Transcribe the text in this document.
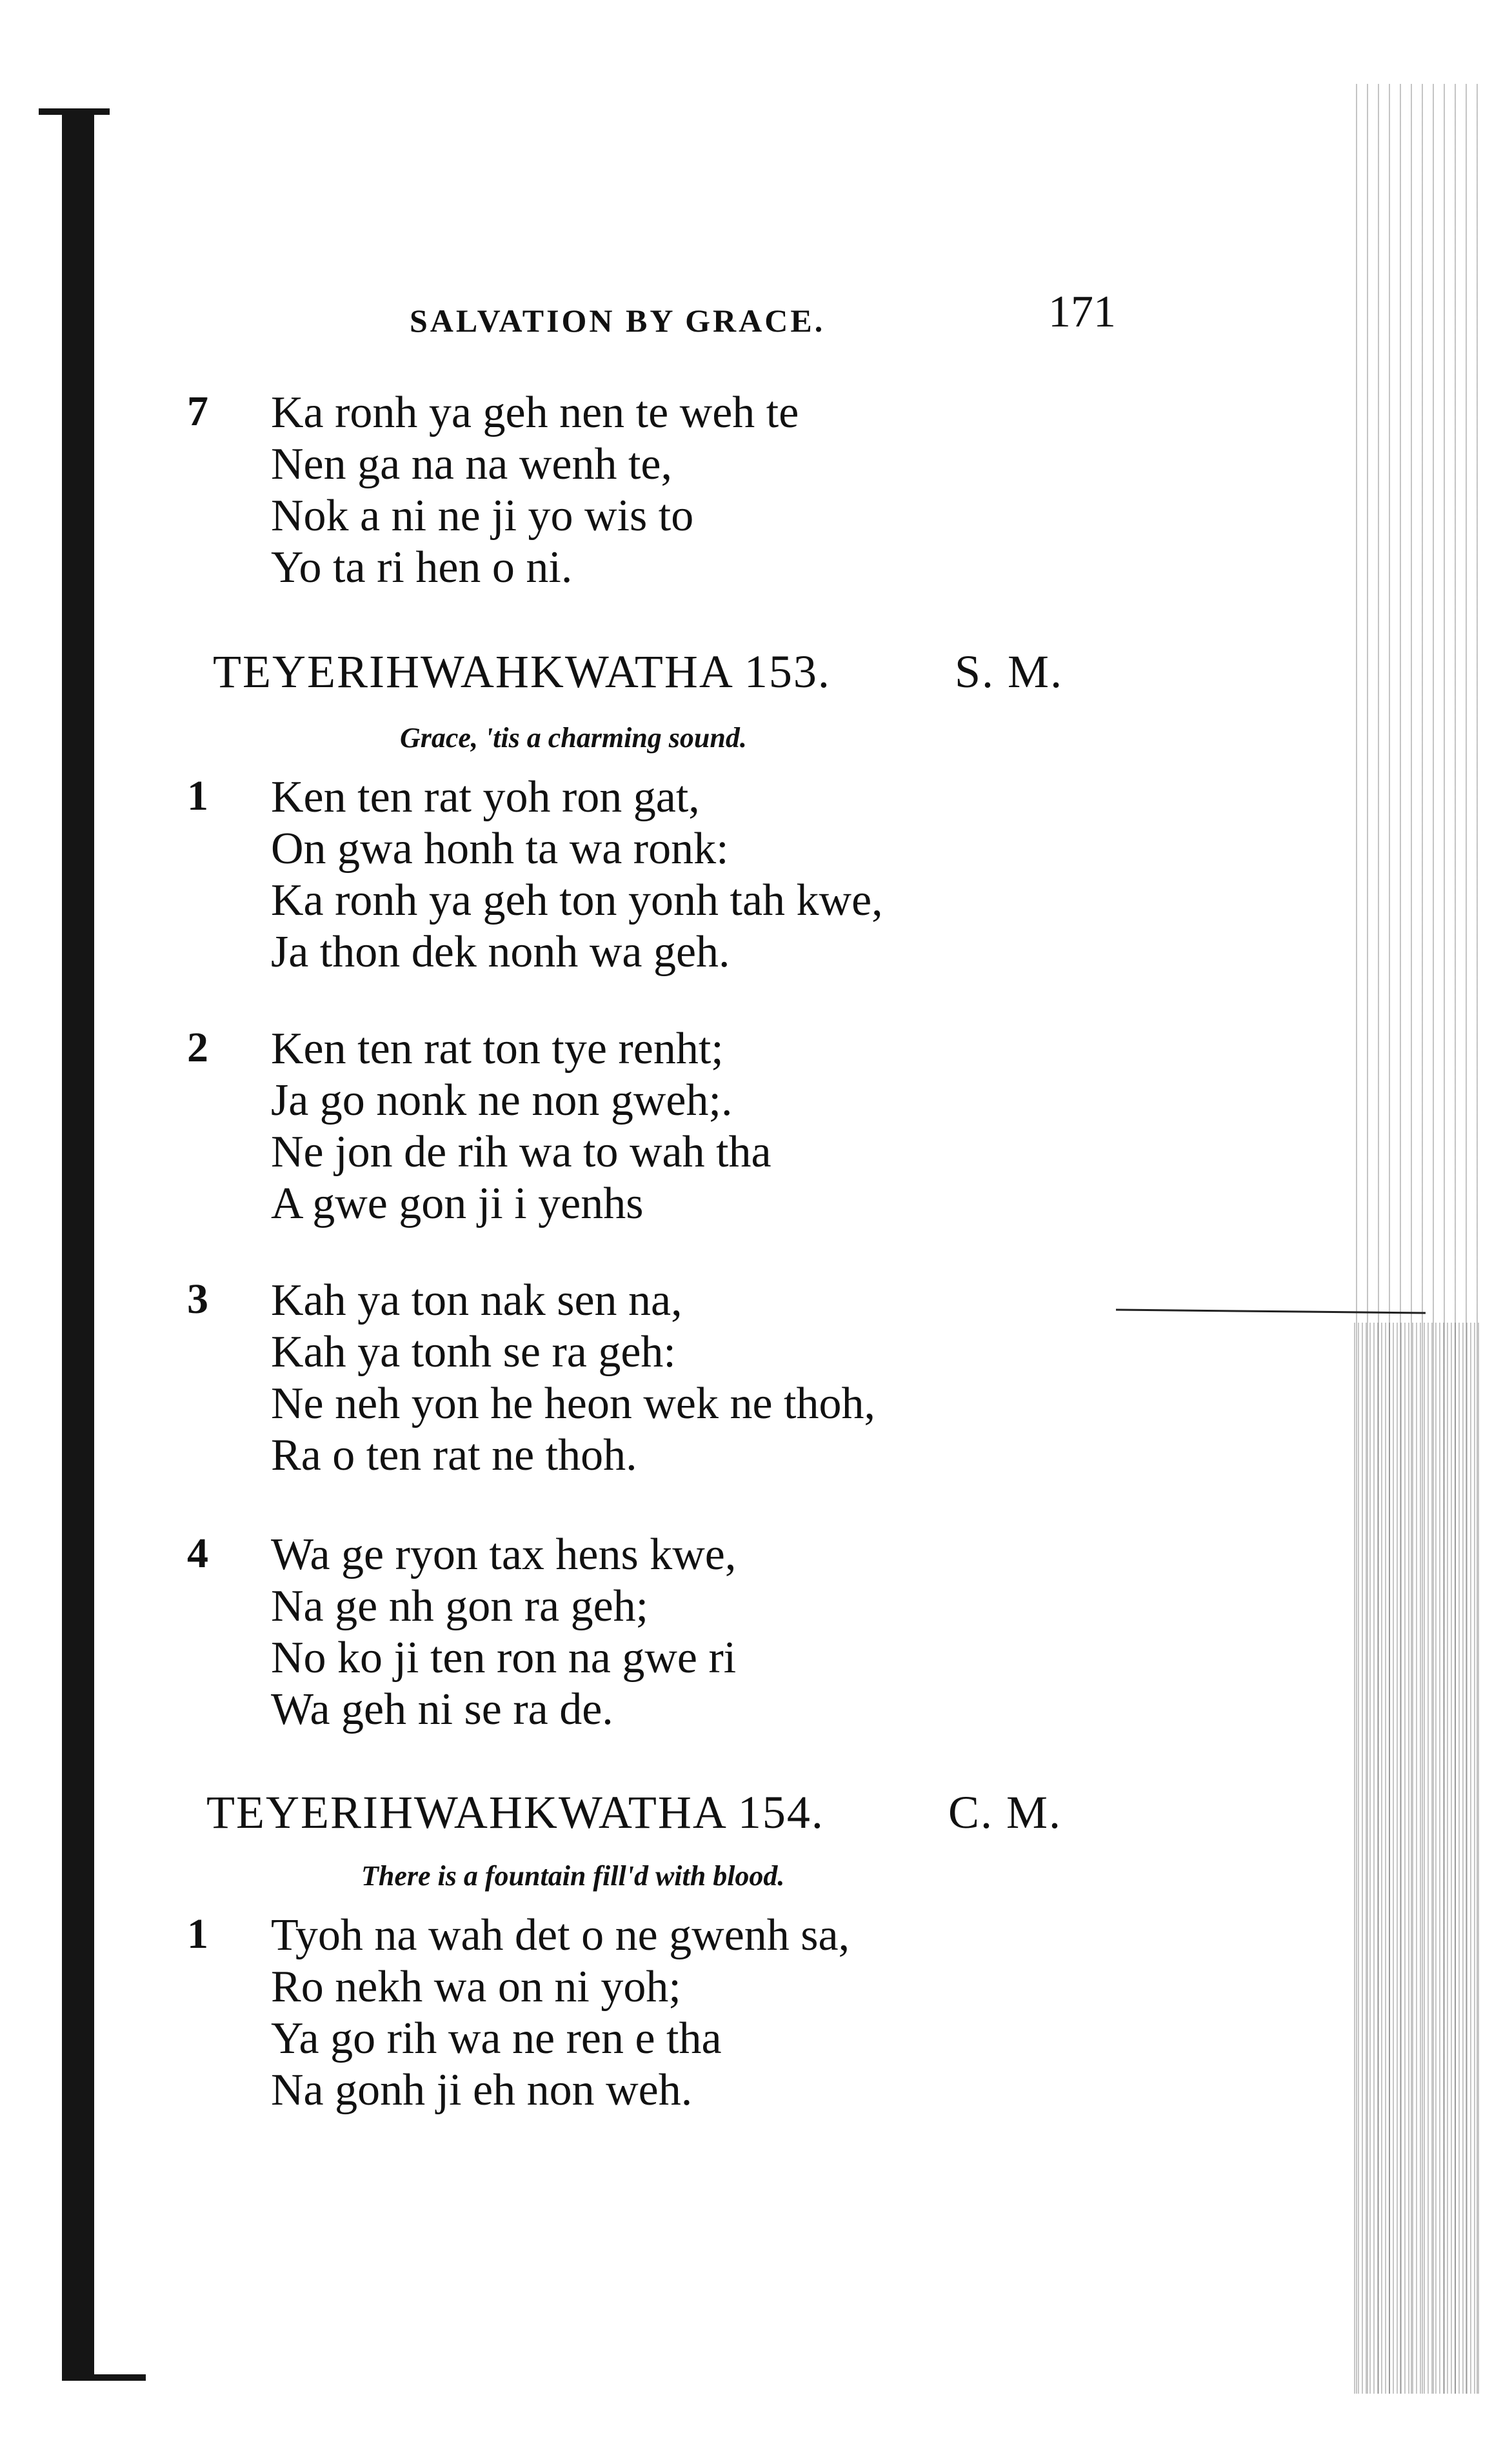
SALVATION BY GRACE.	171
7	Ka ronh ya geh nen te weh te
Nen ga na na wenh te,
Nok a ni ne ji yo wis to
Yo ta ri hen o ni.
TEYERIHWAHKWATHA 153.	S. M.
Grace, 'tis a charming sound.
1	Ken ten rat yoh ron gat,
On gwa honh ta wa ronk:
Ka ronh ya geh ton yonh tah kwe,
Ja thon dek nonh wa geh.
2	Ken ten rat ton tye renht;
Ja go nonk ne non gweh;.
Ne jon de rih wa to wah tha
A gwe gon ji i yenhs
3	Kah ya ton nak sen na,
Kah ya tonh se ra geh:
Ne neh yon he heon wek ne thoh,
Ra o ten rat ne thoh.
4	Wa ge ryon tax hens kwe,
Na ge nh gon ra geh;
No ko ji ten ron na gwe ri
Wa geh ni se ra de.
TEYERIHWAHKWATHA 154.	C. M.
There is a fountain fill'd with blood.
1	Tyoh na wah det o ne gwenh sa,
Ro nekh wa on ni yoh;
Ya go rih wa ne ren e tha
Na gonh ji eh non weh.
